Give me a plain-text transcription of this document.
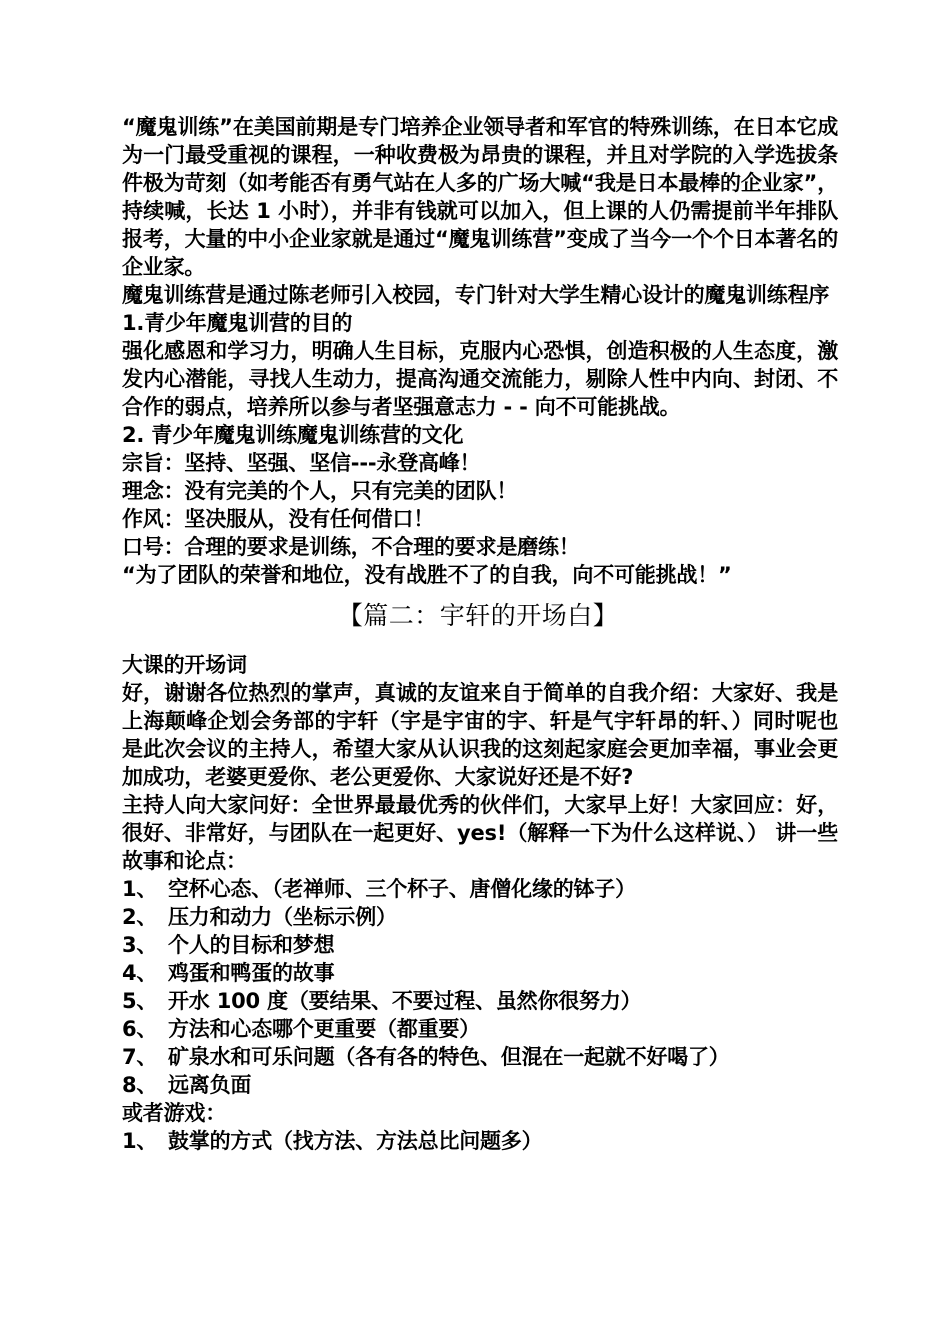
“魔鬼训练”在美国前期是专门培养企业领导者和军官的特殊训练，在日本它成为一门最受重视的课程，一种收费极为昂贵的课程，并且对学院的入学选拔条件极为苛刻（如考能否有勇气站在人多的广场大喊“我是日本最棒的企业家”，持续喊，长达 1 小时），并非有钱就可以加入，但上课的人仍需提前半年排队报考，大量的中小企业家就是通过“魔鬼训练营”变成了当今一个个日本著名的企业家。

魔鬼训练营是通过陈老师引入校园，专门针对大学生精心设计的魔鬼训练程序

1.青少年魔鬼训营的目的

强化感恩和学习力，明确人生目标，克服内心恐惧，创造积极的人生态度，激发内心潜能，寻找人生动力，提高沟通交流能力，剔除人性中内向、封闭、不合作的弱点，培养所以参与者坚强意志力 - - 向不可能挑战。

2. 青少年魔鬼训练魔鬼训练营的文化

宗旨：坚持、坚强、坚信---永登高峰！

理念：没有完美的个人，只有完美的团队！

作风：坚决服从，没有任何借口！

口号：合理的要求是训练，不合理的要求是磨练！

“为了团队的荣誉和地位，没有战胜不了的自我，向不可能挑战！”

【篇二：宇轩的开场白】

大课的开场词

好，谢谢各位热烈的掌声，真诚的友谊来自于简单的自我介绍：大家好、我是上海颠峰企划会务部的宇轩（宇是宇宙的宇、轩是气宇轩昂的轩、）同时呢也是此次会议的主持人，希望大家从认识我的这刻起家庭会更加幸福，事业会更加成功，老婆更爱你、老公更爱你、大家说好还是不好?

主持人向大家问好：全世界最最优秀的伙伴们，大家早上好！大家回应：好，很好、非常好，与团队在一起更好、yes!（解释一下为什么这样说、） 讲一些故事和论点：

1、 空杯心态、（老禅师、三个杯子、唐僧化缘的钵子）
2、 压力和动力（坐标示例）
3、 个人的目标和梦想
4、 鸡蛋和鸭蛋的故事
5、 开水 100 度（要结果、不要过程、虽然你很努力）
6、 方法和心态哪个更重要（都重要）
7、 矿泉水和可乐问题（各有各的特色、但混在一起就不好喝了）
8、 远离负面

或者游戏：

1、 鼓掌的方式（找方法、方法总比问题多）
